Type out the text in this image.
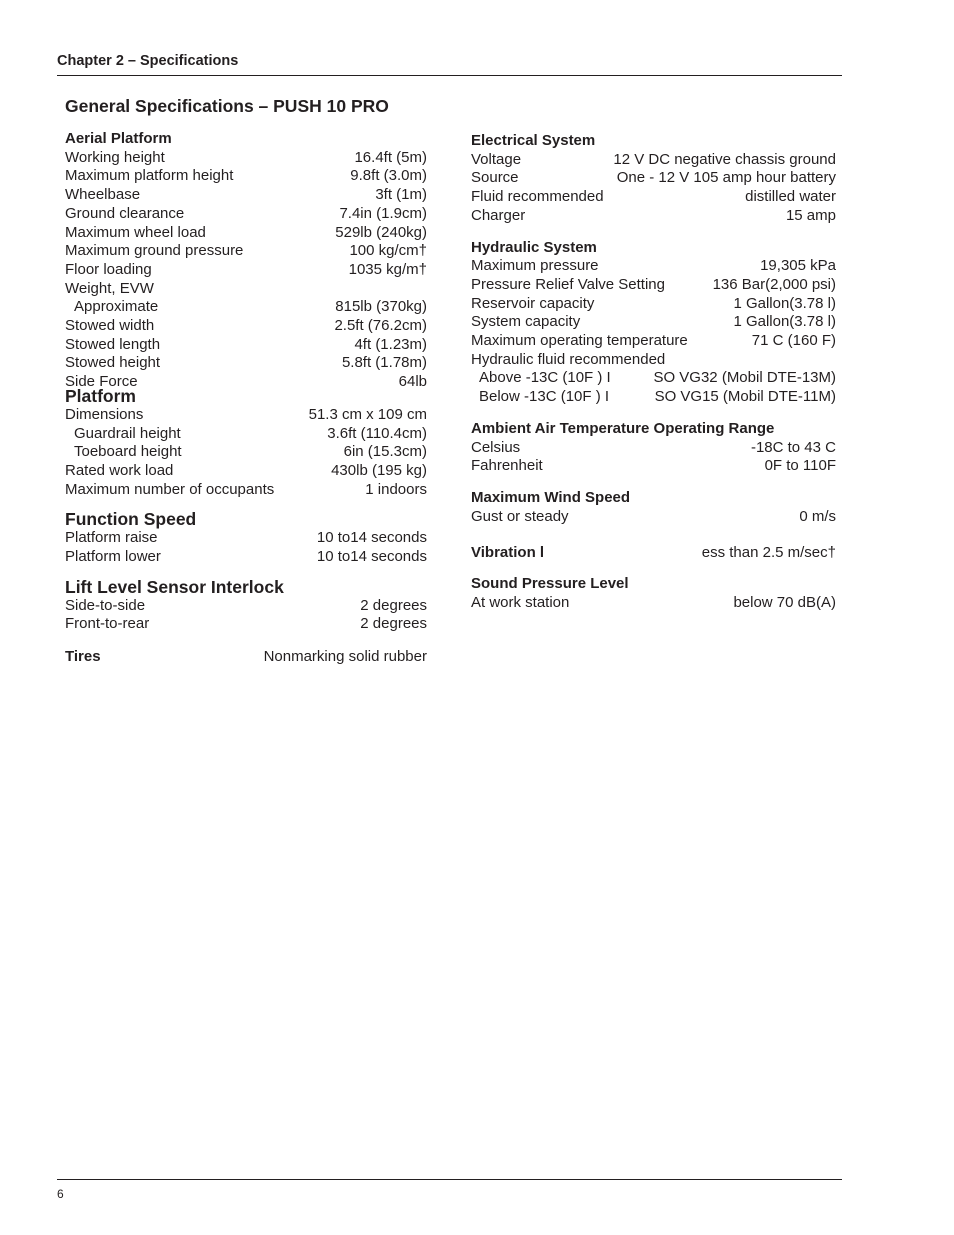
Chapter 2 – Specifications
General Specifications – PUSH 10 PRO
Aerial Platform
Working height	16.4ft (5m)
Maximum platform height	9.8ft (3.0m)
Wheelbase	3ft (1m)
Ground clearance	7.4in (1.9cm)
Maximum wheel load	529lb (240kg)
Maximum ground pressure	100 kg/cm†
Floor loading	1035 kg/m†
Weight, EVW
Approximate	815lb (370kg)
Stowed width	2.5ft (76.2cm)
Stowed length	4ft (1.23m)
Stowed height	5.8ft (1.78m)
Side Force	64lb
Platform
Dimensions	51.3 cm x 109 cm
Guardrail height	3.6ft (110.4cm)
Toeboard height	6in (15.3cm)
Rated work load	430lb (195 kg)
Maximum number of occupants	1 indoors
Function Speed
Platform raise	10 to14 seconds
Platform lower	10 to14 seconds
Lift Level Sensor Interlock
Side-to-side	2 degrees
Front-to-rear	2 degrees
Tires	Nonmarking solid rubber
Electrical System
Voltage	12 V DC negative chassis ground
Source	One - 12 V 105 amp hour battery
Fluid recommended	distilled water
Charger	15 amp
Hydraulic System
Maximum pressure	19,305 kPa
Pressure Relief Valve Setting	136 Bar(2,000 psi)
Reservoir capacity	1 Gallon(3.78 l)
System capacity	1 Gallon(3.78 l)
Maximum operating temperature	71 C (160 F)
Hydraulic fluid recommended
Above -13C (10F ) I	SO VG32 (Mobil DTE-13M)
Below -13C (10F ) I	SO VG15 (Mobil DTE-11M)
Ambient Air Temperature Operating Range
Celsius	-18C to 43 C
Fahrenheit	0F to 110F
Maximum Wind Speed
Gust or steady	0 m/s
Vibration l	ess than 2.5 m/sec†
Sound Pressure Level
At work station	below 70 dB(A)
6
